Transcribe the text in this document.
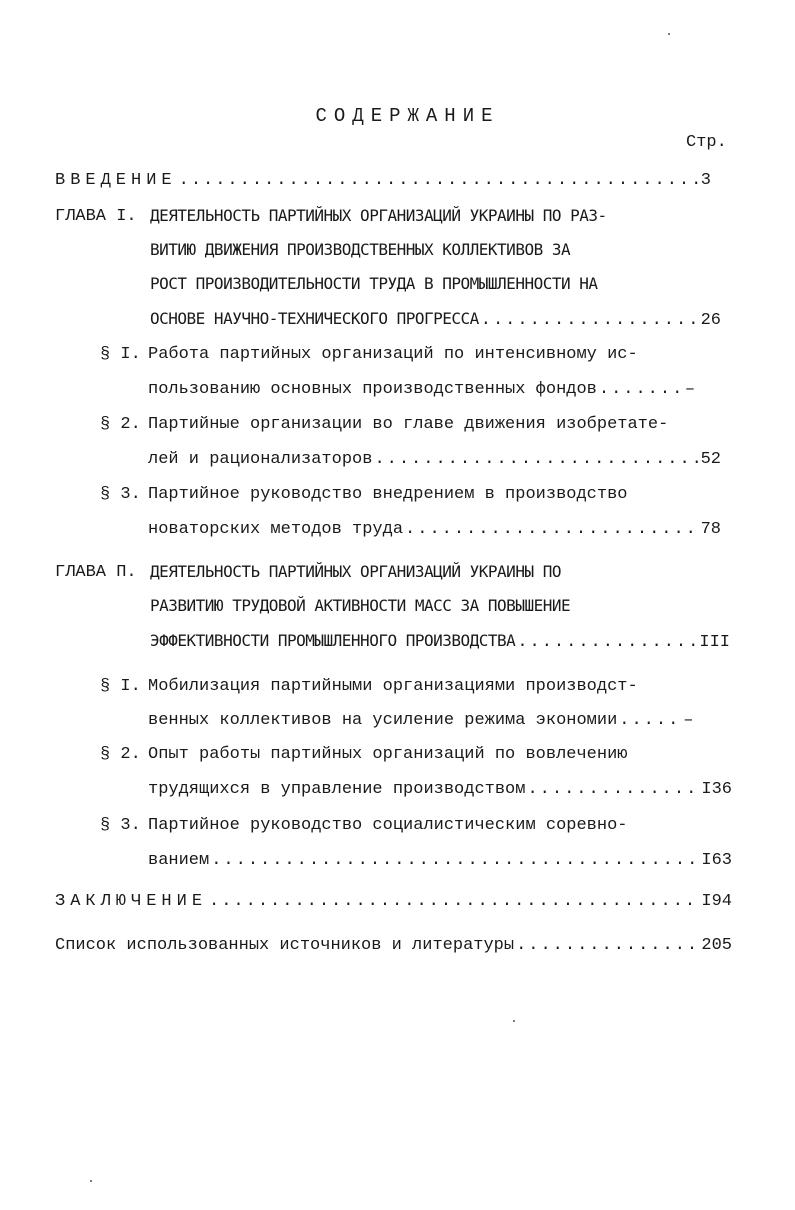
СОДЕРЖАНИЕ
Стр.
ВВЕДЕНИЕ .....	3
ГЛАВА I. ДЕЯТЕЛЬНОСТЬ ПАРТИЙНЫХ ОРГАНИЗАЦИЙ УКРАИНЫ ПО РАЗ-
ВИТИЮ ДВИЖЕНИЯ ПРОИЗВОДСТВЕННЫХ КОЛЛЕКТИВОВ ЗА
РОСТ ПРОИЗВОДИТЕЛЬНОСТИ ТРУДА В ПРОМЫШЛЕННОСТИ НА
ОСНОВЕ НАУЧНО-ТЕХНИЧЕСКОГО ПРОГРЕССА .....	26
§ I. Работа партийных организаций по интенсивному ис-
пользованию основных производственных фондов .....	–
§ 2. Партийные организации во главе движения изобретате-
лей и рационализаторов .....	52
§ 3. Партийное руководство внедрением в производство
новаторских методов труда .....	78
ГЛАВА П. ДЕЯТЕЛЬНОСТЬ ПАРТИЙНЫХ ОРГАНИЗАЦИЙ УКРАИНЫ ПО
РАЗВИТИЮ ТРУДОВОЙ АКТИВНОСТИ МАСС ЗА ПОВЫШЕНИЕ
ЭФФЕКТИВНОСТИ ПРОМЫШЛЕННОГО ПРОИЗВОДСТВА .....	III
§ I. Мобилизация партийными организациями производст-
венных коллективов на усиление режима экономии .....	–
§ 2. Опыт работы партийных организаций по вовлечению
трудящихся в управление производством .....	I36
§ 3. Партийное руководство социалистическим соревно-
ванием .....	I63
ЗАКЛЮЧЕНИЕ .....	I94
Список использованных источников и литературы .....	205
